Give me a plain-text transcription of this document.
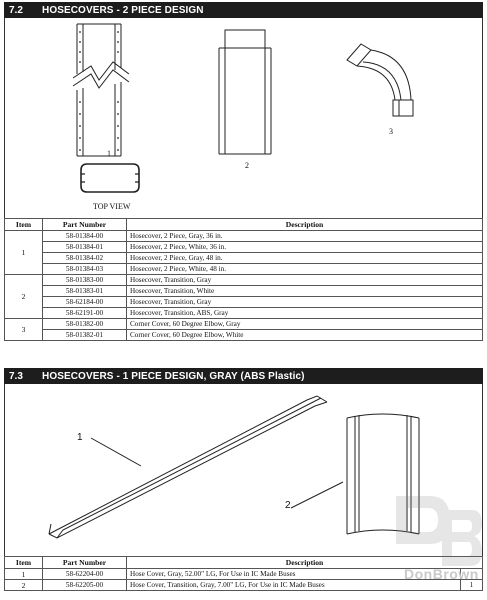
7.2	HOSECOVERS - 2 PIECE DESIGN
1
TOP VIEW
2
3
Item	Part Number	Description
1	58-01384-00	Hosecover, 2 Piece, Gray, 36 in.
	58-01384-01	Hosecover, 2 Piece, White, 36 in.
	58-01384-02	Hosecover, 2 Piece, Gray, 48 in.
	58-01384-03	Hosecover, 2 Piece, White, 48 in.
2	58-01383-00	Hosecover, Transition, Gray
	58-01383-01	Hosecover, Transition, White
	58-62184-00	Hosecover, Transition, Gray
	58-62191-00	Hosecover, Transition, ABS, Gray
3	58-01382-00	Corner Cover, 60 Degree Elbow, Gray
	58-01382-01	Corner Cover, 60 Degree Elbow, White
7.3	HOSECOVERS - 1 PIECE DESIGN, GRAY (ABS Plastic)
1
2
Item	Part Number	Description	
1	58-62204-00	Hose Cover, Gray, 52.00" LG, For Use in IC Made Buses	
2	58-62205-00	Hose Cover, Transition, Gray, 7.00" LG, For Use in IC Made Buses	1
DonBrown
